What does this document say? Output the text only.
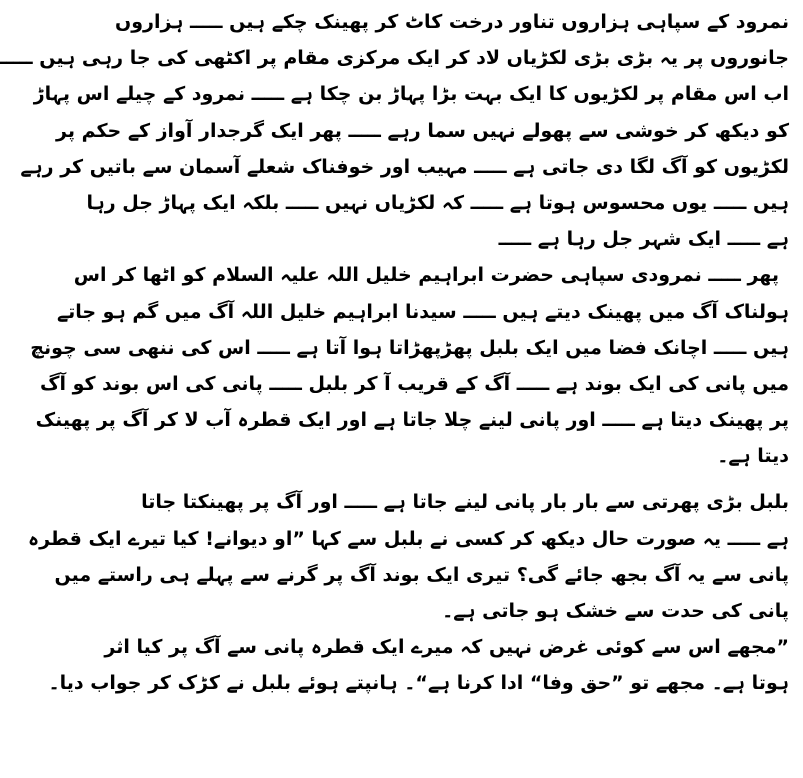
نمرود کے سپاہی ہزاروں تناور درخت کاٹ کر پھینک چکے ہیں ـــــ ہزاروں
جانوروں پر یہ بڑی بڑی لکڑیاں لاد کر ایک مرکزی مقام پر اکٹھی کی جا رہی ہیں ـــــ
اب اس مقام پر لکڑیوں کا ایک بہت بڑا پہاڑ بن چکا ہے ـــــ نمرود کے چیلے اس پہاڑ
کو دیکھ کر خوشی سے پھولے نہیں سما رہے ـــــ پھر ایک گرجدار آواز کے حکم پر
لکڑیوں کو آگ لگا دی جاتی ہے ـــــ مہیب اور خوفناک شعلے آسمان سے باتیں کر رہے
ہیں ـــــ یوں محسوس ہوتا ہے ـــــ کہ لکڑیاں نہیں ـــــ بلکہ ایک پہاڑ جل رہا
ہے ـــــ ایک شہر جل رہا ہے ـــــ
پھر ـــــ نمرودی سپاہی حضرت ابراہیم خلیل اللہ علیہ السلام کو اٹھا کر اس
ہولناک آگ میں پھینک دیتے ہیں ـــــ سیدنا ابراہیم خلیل اللہ آگ میں گم ہو جاتے
ہیں ـــــ اچانک فضا میں ایک بلبل پھڑپھڑاتا ہوا آتا ہے ـــــ اس کی ننھی سی چونچ
میں پانی کی ایک بوند ہے ـــــ آگ کے قریب آ کر بلبل ـــــ پانی کی اس بوند کو آگ
پر پھینک دیتا ہے ـــــ اور پانی لینے چلا جاتا ہے اور ایک قطرہ آب لا کر آگ پر پھینک
دیتا ہے۔
بلبل بڑی پھرتی سے بار بار پانی لینے جاتا ہے ـــــ اور آگ پر پھینکتا جاتا
ہے ـــــ یہ صورت حال دیکھ کر کسی نے بلبل سے کہا ”او دیوانے! کیا تیرے ایک قطرہ
پانی سے یہ آگ بجھ جائے گی؟ تیری ایک بوند آگ پر گرنے سے پہلے ہی راستے میں
پانی کی حدت سے خشک ہو جاتی ہے۔
”مجھے اس سے کوئی غرض نہیں کہ میرے ایک قطرہ پانی سے آگ پر کیا اثر
ہوتا ہے۔ مجھے تو ”حق وفا“ ادا کرنا ہے“۔ ہانپتے ہوئے بلبل نے کڑک کر جواب دیا۔
